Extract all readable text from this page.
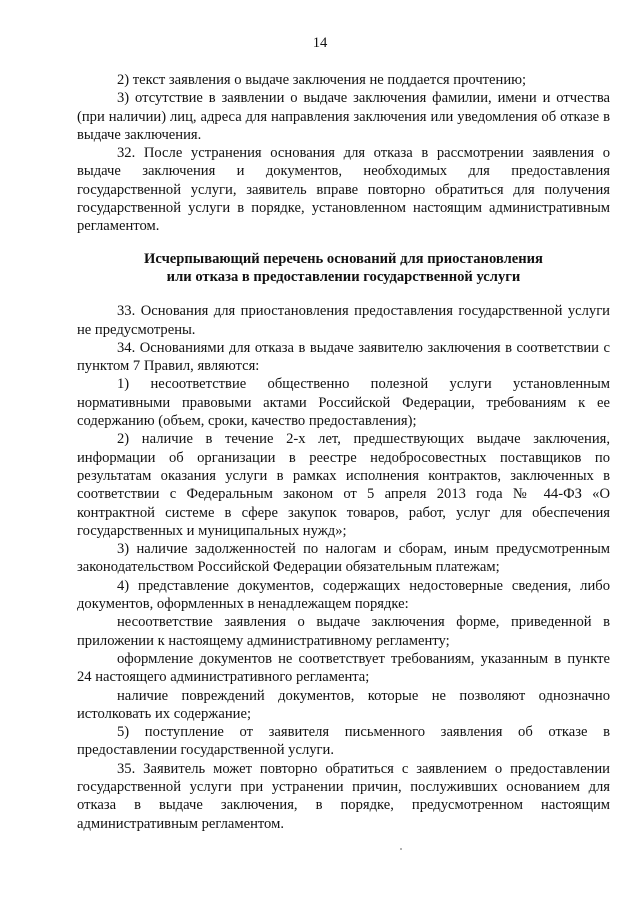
14

2) текст заявления о выдаче заключения не поддается прочтению;

3) отсутствие в заявлении о выдаче заключения фамилии, имени и отчества (при наличии) лиц, адреса для направления заключения или уведомления об отказе в выдаче заключения.

32. После устранения основания для отказа в рассмотрении заявления о выдаче заключения и документов, необходимых для предоставления государственной услуги, заявитель вправе повторно обратиться для получения государственной услуги в порядке, установленном настоящим административным регламентом.

Исчерпывающий перечень оснований для приостановления
или отказа в предоставлении государственной услуги

33. Основания для приостановления предоставления государственной услуги не предусмотрены.

34. Основаниями для отказа в выдаче заявителю заключения в соответствии с пунктом 7 Правил, являются:

1) несоответствие общественно полезной услуги установленным нормативными правовыми актами Российской Федерации, требованиям к ее содержанию (объем, сроки, качество предоставления);

2) наличие в течение 2-х лет, предшествующих выдаче заключения, информации об организации в реестре недобросовестных поставщиков по результатам оказания услуги в рамках исполнения контрактов, заключенных в соответствии с Федеральным законом от 5 апреля 2013 года № 44-ФЗ «О контрактной системе в сфере закупок товаров, работ, услуг для обеспечения государственных и муниципальных нужд»;

3) наличие задолженностей по налогам и сборам, иным предусмотренным законодательством Российской Федерации обязательным платежам;

4) представление документов, содержащих недостоверные сведения, либо документов, оформленных в ненадлежащем порядке:

несоответствие заявления о выдаче заключения форме, приведенной в приложении к настоящему административному регламенту;

оформление документов не соответствует требованиям, указанным в пункте 24 настоящего административного регламента;

наличие повреждений документов, которые не позволяют однозначно истолковать их содержание;

5) поступление от заявителя письменного заявления об отказе в предоставлении государственной услуги.

35. Заявитель может повторно обратиться с заявлением о предоставлении государственной услуги при устранении причин, послуживших основанием для отказа в выдаче заключения, в порядке, предусмотренном настоящим административным регламентом.
